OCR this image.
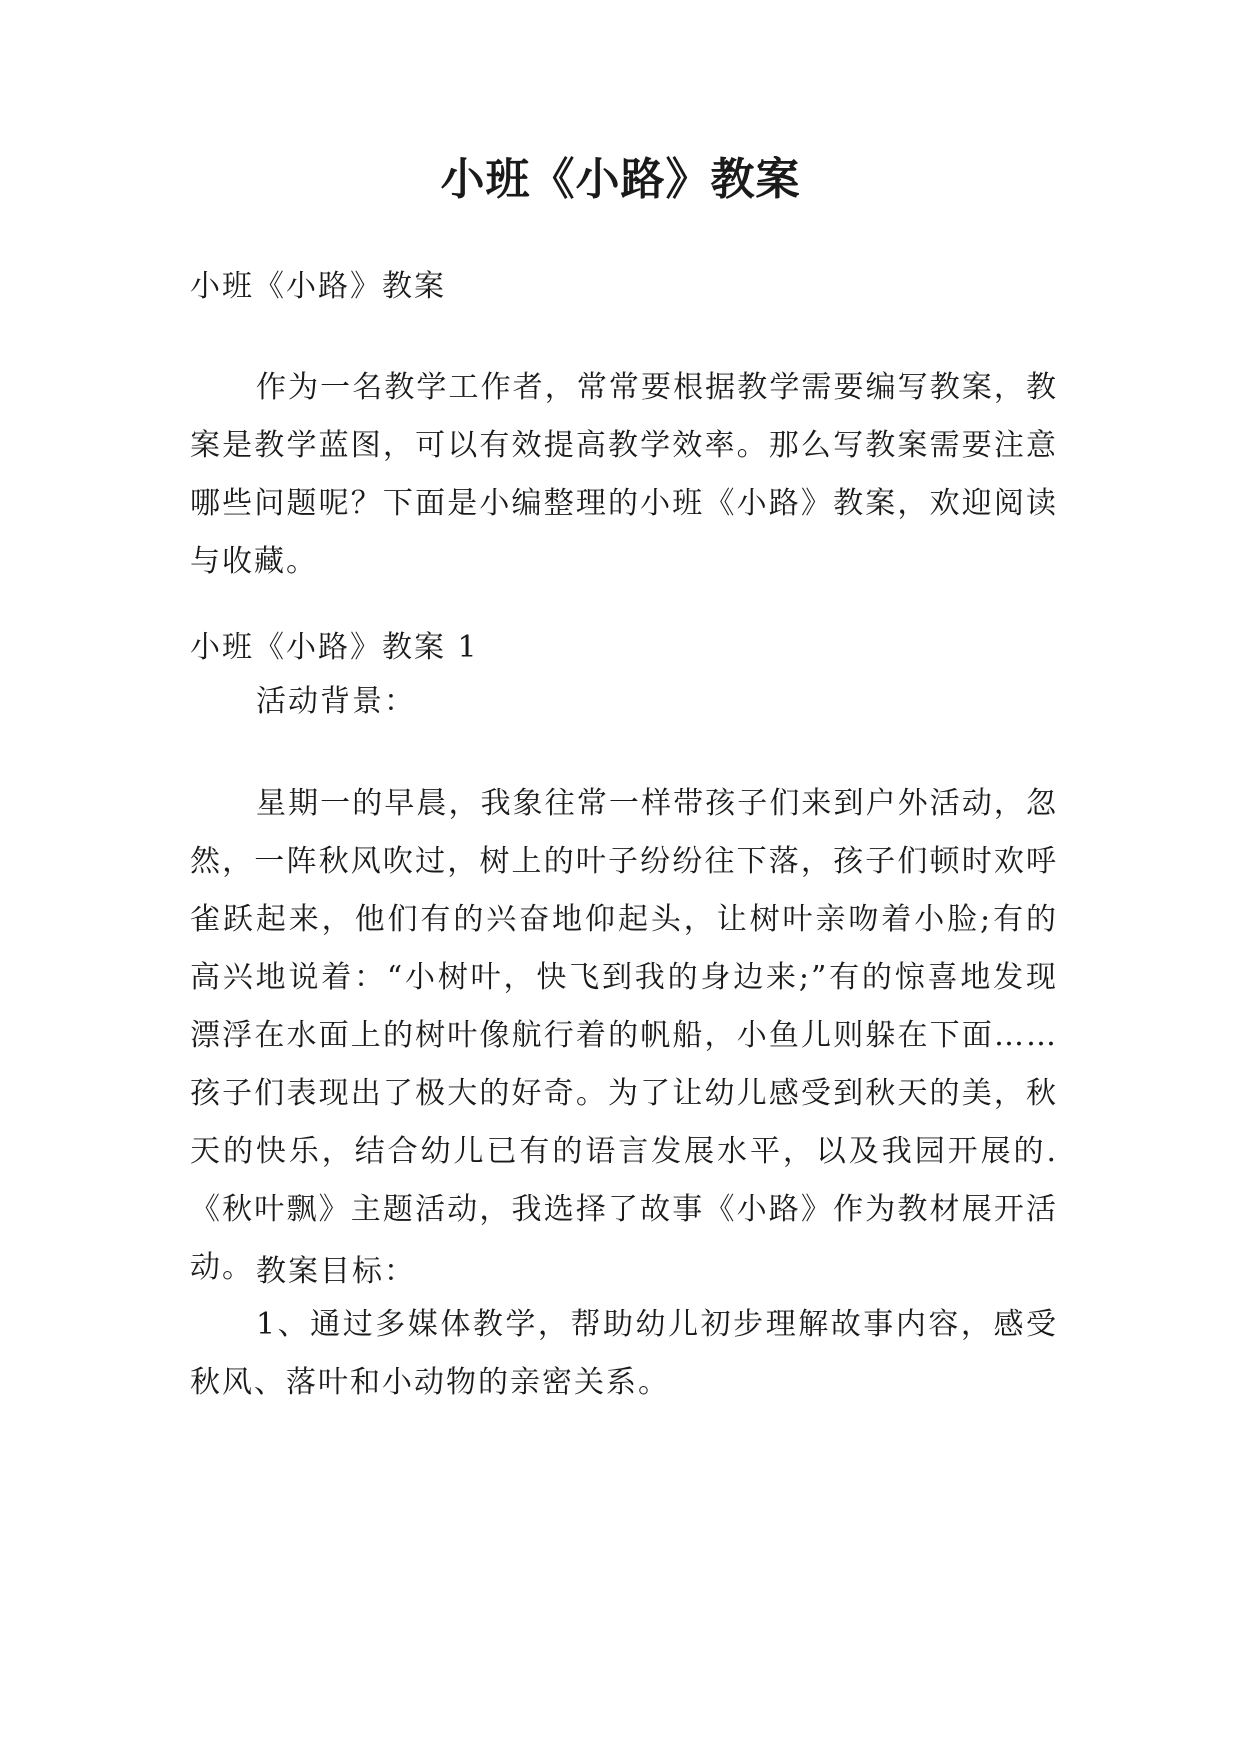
小班《小路》教案

小班《小路》教案

作为一名教学工作者，常常要根据教学需要编写教案，教案是教学蓝图，可以有效提高教学效率。那么写教案需要注意哪些问题呢？下面是小编整理的小班《小路》教案，欢迎阅读与收藏。

小班《小路》教案 1

活动背景：

星期一的早晨，我象往常一样带孩子们来到户外活动，忽然，一阵秋风吹过，树上的叶子纷纷往下落，孩子们顿时欢呼雀跃起来，他们有的兴奋地仰起头，让树叶亲吻着小脸;有的高兴地说着：“小树叶，快飞到我的身边来;”有的惊喜地发现漂浮在水面上的树叶像航行着的帆船，小鱼儿则躲在下面……孩子们表现出了极大的好奇。为了让幼儿感受到秋天的美，秋天的快乐，结合幼儿已有的语言发展水平，以及我园开展的.《秋叶飘》主题活动，我选择了故事《小路》作为教材展开活动。 教案目标：

1、通过多媒体教学，帮助幼儿初步理解故事内容，感受秋风、落叶和小动物的亲密关系。
